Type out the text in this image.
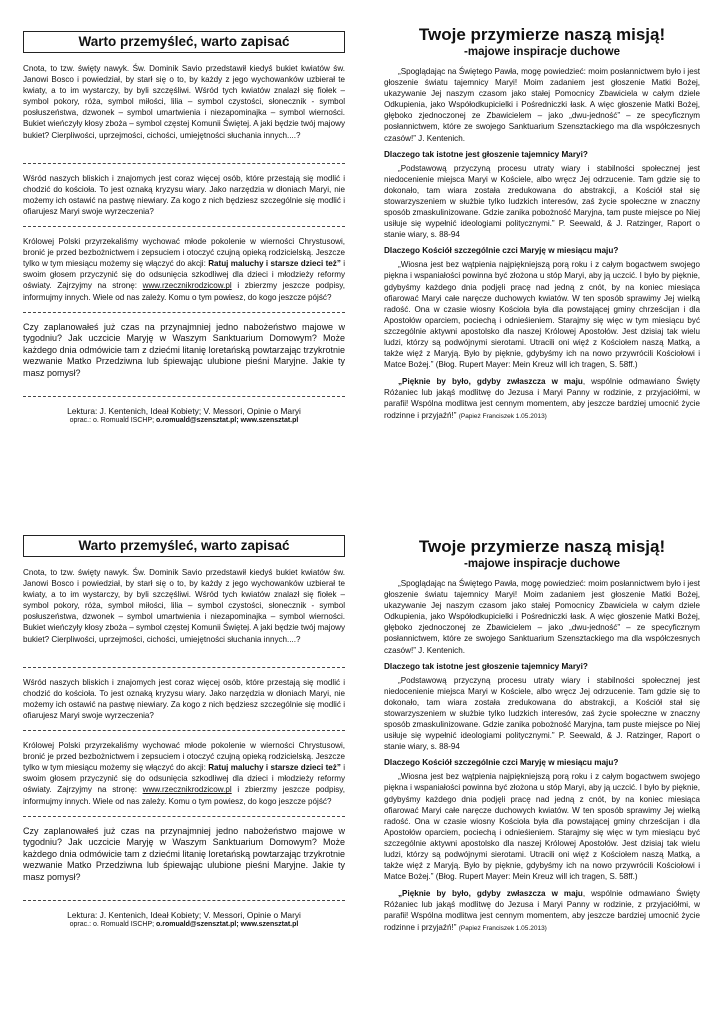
Warto przemyśleć, warto zapisać

Cnota, to tzw. święty nawyk. Św. Dominik Savio przedstawił kiedyś bukiet kwiatów św. Janowi Bosco i powiedział, by starł się o to, by każdy z jego wychowanków uzbierał te kwiaty, a to im wystarczy, by byli szczęśliwi. Wśród tych kwiatów znalazł się fiołek – symbol pokory, róża, symbol miłości, lilia – symbol czystości, słonecznik - symbol posłuszeństwa, dzwonek – symbol umartwienia i niezapominajka – symbol wierności. Bukiet wieńczyły kłosy zboża – symbol częstej Komunii Świętej. A jaki będzie twój majowy bukiet? Cierpliwości, uprzejmości, cichości, umiejętności słuchania innych....?

Wśród naszych bliskich i znajomych jest coraz więcej osób, które przestają się modlić i chodzić do kościoła. To jest oznaką kryzysu wiary. Jako narzędzia w dłoniach Maryi, nie możemy ich ostawić na pastwę niewiary. Za kogo z nich będziesz szczególnie się modlić i ofiarujesz Maryi swoje wyrzeczenia?

Królowej Polski przyrzekaliśmy wychować młode pokolenie w wierności Chrystusowi, bronić je przed bezbożnictwem i zepsuciem i otoczyć czujną opieką rodzicielską. Jeszcze tylko w tym miesiącu możemy się włączyć do akcji: Ratuj maluchy i starsze dzieci też” i swoim głosem przyczynić się do odsunięcia szkodliwej dla dzieci i młodzieży reformy oświaty. Zajrzyjmy na stronę: www.rzecznikrodzicow.pl i zbierzmy jeszcze podpisy, informujmy innych. Wiele od nas zależy. Komu o tym powiesz, do kogo jeszcze pójść?

Czy zaplanowałeś już czas na przynajmniej jedno nabożeństwo majowe w tygodniu? Jak uczcicie Maryję w Waszym Sanktuarium Domowym? Może każdego dnia odmówicie tam z dziećmi litanię loretańską powtarzając trzykrotnie wezwanie Matko Przedziwna lub śpiewając ulubione pieśni Maryjne. Jakie ty masz pomysł?

Lektura: J. Kentenich, Ideał Kobiety; V. Messori, Opinie o Maryi
oprac.: o. Romuald ISCHP; o.romuald@szensztat.pl; www.szensztat.pl
Twoje przymierze naszą misją!
-majowe inspiracje duchowe

„Spoglądając na Świętego Pawła, mogę powiedzieć: moim posłannictwem było i jest głoszenie światu tajemnicy Maryi! Moim zadaniem jest głoszenie Matki Bożej, ukazywanie Jej naszym czasom jako stałej Pomocnicy Zbawiciela w całym dziele Odkupienia, jako Współodkupicielki i Pośredniczki łask. A więc głoszenie Matki Bożej, głęboko zjednoczonej ze Zbawicielem – jako „dwu-jedność” – ze specyficznym posłannictwem, które ze swojego Sanktuarium Szensztackiego ma dla współczesnych czasów!” J. Kentenich.

Dlaczego tak istotne jest głoszenie tajemnicy Maryi?

„Podstawową przyczyną procesu utraty wiary i stabilności społecznej jest niedocenienie miejsca Maryi w Kościele, albo wręcz Jej odrzucenie. Tam gdzie się to dokonało, tam wiara została zredukowana do abstrakcji, a Kościół stał się stowarzyszeniem w służbie tylko ludzkich interesów, zaś życie społeczne w znaczny sposób zmaskulinizowane. Gdzie zanika pobożność Maryjna, tam puste miejsce po Niej usiłuje się wypełnić ideologiami politycznymi.” P. Seewald, & J. Ratzinger, Raport o stanie wiary, s. 88-94

Dlaczego Kościół szczególnie czci Maryję w miesiącu maju?

„Wiosna jest bez wątpienia najpiękniejszą porą roku i z całym bogactwem swojego piękna i wspaniałości powinna być złożona u stóp Maryi, aby ją uczcić. I było by pięknie, gdybyśmy każdego dnia podjęli pracę nad jedną z cnót, by na koniec miesiąca ofiarować Maryi całe naręcze duchowych kwiatów. W ten sposób sprawimy Jej wielką radość. Ona w czasie wiosny Kościoła była dla powstającej gminy chrześcijan i dla Apostołów oparciem, pociechą i odnieśieniem. Starajmy się więc w tym miesiącu być szczególnie aktywni apostolsko dla naszej Królowej Apostołów. Jest dzisiaj tak wielu ludzi, którzy są podwójnymi sierotami. Utracili oni więź z Kościołem naszą Matką, a także więź z Maryją. Było by pięknie, gdybyśmy ich na nowo przywrócili Kościołowi i Matce Bożej.” (Błog. Rupert Mayer: Mein Kreuz will ich tragen, S. 58ff.)

„Pięknie by było, gdyby zwłaszcza w maju, wspólnie odmawiano Święty Różaniec lub jakąś modlitwę do Jezusa i Maryi Panny w rodzinie, z przyjaciółmi, w parafii! Wspólna modlitwa jest cennym momentem, aby jeszcze bardziej umocnić życie rodzinne i przyjaźń!” (Papież Franciszek 1.05.2013)

Warto przemyśleć, warto zapisać

Cnota, to tzw. święty nawyk. Św. Dominik Savio przedstawił kiedyś bukiet kwiatów św. Janowi Bosco i powiedział, by starł się o to, by każdy z jego wychowanków uzbierał te kwiaty, a to im wystarczy, by byli szczęśliwi. Wśród tych kwiatów znalazł się fiołek – symbol pokory, róża, symbol miłości, lilia – symbol czystości, słonecznik - symbol posłuszeństwa, dzwonek – symbol umartwienia i niezapominajka – symbol wierności. Bukiet wieńczyły kłosy zboża – symbol częstej Komunii Świętej. A jaki będzie twój majowy bukiet? Cierpliwości, uprzejmości, cichości, umiejętności słuchania innych....?

Wśród naszych bliskich i znajomych jest coraz więcej osób, które przestają się modlić i chodzić do kościoła. To jest oznaką kryzysu wiary. Jako narzędzia w dłoniach Maryi, nie możemy ich ostawić na pastwę niewiary. Za kogo z nich będziesz szczególnie się modlić i ofiarujesz Maryi swoje wyrzeczenia?

Królowej Polski przyrzekaliśmy wychować młode pokolenie w wierności Chrystusowi, bronić je przed bezbożnictwem i zepsuciem i otoczyć czujną opieką rodzicielską. Jeszcze tylko w tym miesiącu możemy się włączyć do akcji: Ratuj maluchy i starsze dzieci też” i swoim głosem przyczynić się do odsunięcia szkodliwej dla dzieci i młodzieży reformy oświaty. Zajrzyjmy na stronę: www.rzecznikrodzicow.pl i zbierzmy jeszcze podpisy, informujmy innych. Wiele od nas zależy. Komu o tym powiesz, do kogo jeszcze pójść?

Czy zaplanowałeś już czas na przynajmniej jedno nabożeństwo majowe w tygodniu? Jak uczcicie Maryję w Waszym Sanktuarium Domowym? Może każdego dnia odmówicie tam z dziećmi litanię loretańską powtarzając trzykrotnie wezwanie Matko Przedziwna lub śpiewając ulubione pieśni Maryjne. Jakie ty masz pomysł?

Lektura: J. Kentenich, Ideał Kobiety; V. Messori, Opinie o Maryi
oprac.: o. Romuald ISCHP; o.romuald@szensztat.pl; www.szensztat.pl
Twoje przymierze naszą misją!
-majowe inspiracje duchowe

„Spoglądając na Świętego Pawła, mogę powiedzieć: moim posłannictwem było i jest głoszenie światu tajemnicy Maryi! Moim zadaniem jest głoszenie Matki Bożej, ukazywanie Jej naszym czasom jako stałej Pomocnicy Zbawiciela w całym dziele Odkupienia, jako Współodkupicielki i Pośredniczki łask. A więc głoszenie Matki Bożej, głęboko zjednoczonej ze Zbawicielem – jako „dwu-jedność” – ze specyficznym posłannictwem, które ze swojego Sanktuarium Szensztackiego ma dla współczesnych czasów!” J. Kentenich.

Dlaczego tak istotne jest głoszenie tajemnicy Maryi?

„Podstawową przyczyną procesu utraty wiary i stabilności społecznej jest niedocenienie miejsca Maryi w Kościele, albo wręcz Jej odrzucenie. Tam gdzie się to dokonało, tam wiara została zredukowana do abstrakcji, a Kościół stał się stowarzyszeniem w służbie tylko ludzkich interesów, zaś życie społeczne w znaczny sposób zmaskulinizowane. Gdzie zanika pobożność Maryjna, tam puste miejsce po Niej usiłuje się wypełnić ideologiami politycznymi.” P. Seewald, & J. Ratzinger, Raport o stanie wiary, s. 88-94

Dlaczego Kościół szczególnie czci Maryję w miesiącu maju?

„Wiosna jest bez wątpienia najpiękniejszą porą roku i z całym bogactwem swojego piękna i wspaniałości powinna być złożona u stóp Maryi, aby ją uczcić. I było by pięknie, gdybyśmy każdego dnia podjęli pracę nad jedną z cnót, by na koniec miesiąca ofiarować Maryi całe naręcze duchowych kwiatów. W ten sposób sprawimy Jej wielką radość. Ona w czasie wiosny Kościoła była dla powstającej gminy chrześcijan i dla Apostołów oparciem, pociechą i odnieśieniem. Starajmy się więc w tym miesiącu być szczególnie aktywni apostolsko dla naszej Królowej Apostołów. Jest dzisiaj tak wielu ludzi, którzy są podwójnymi sierotami. Utracili oni więź z Kościołem naszą Matką, a także więź z Maryją. Było by pięknie, gdybyśmy ich na nowo przywrócili Kościołowi i Matce Bożej.” (Błog. Rupert Mayer: Mein Kreuz will ich tragen, S. 58ff.)

„Pięknie by było, gdyby zwłaszcza w maju, wspólnie odmawiano Święty Różaniec lub jakąś modlitwę do Jezusa i Maryi Panny w rodzinie, z przyjaciółmi, w parafii! Wspólna modlitwa jest cennym momentem, aby jeszcze bardziej umocnić życie rodzinne i przyjaźń!” (Papież Franciszek 1.05.2013)
